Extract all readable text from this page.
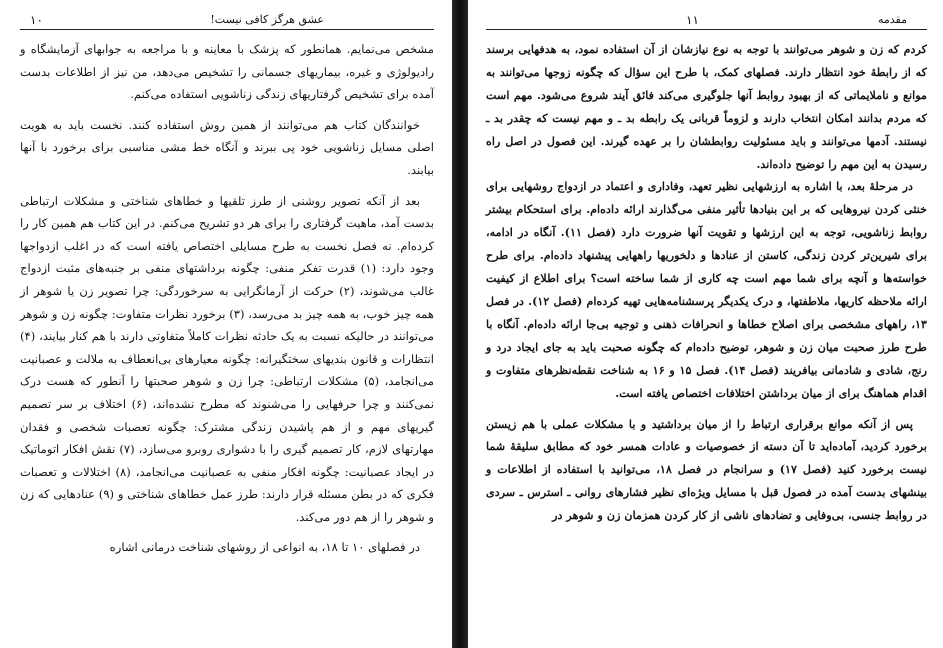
عشق هرگز کافی نیست!
۱۰

مشخص می‌نمایم. همانطور که پزشک با معاینه و با مراجعه به جوابهای آزمایشگاه و رادیولوژی و غیره، بیماریهای جسمانی را تشخیص می‌دهد، من نیز از اطلاعات بدست آمده برای تشخیص گرفتاریهای زندگی زناشویی استفاده می‌کنم.

خوانندگان کتاب هم می‌توانند از همین روش استفاده کنند. نخست باید به هویت اصلی مسایل زناشویی خود پی ببرند و آنگاه خط مشی مناسبی برای برخورد با آنها بیابند.

بعد از آنکه تصویر روشنی از طرز تلقیها و خطاهای شناختی و مشکلات ارتباطی بدست آمد، ماهیت گرفتاری را برای هر دو تشریح می‌کنم. در این کتاب هم همین کار را کرده‌ام. نه فصل نخست به طرح مسایلی اختصاص یافته است که در اغلب ازدواجها وجود دارد: (۱) قدرت تفکر منفی: چگونه برداشتهای منفی بر جنبه‌های مثبت ازدواج غالب می‌شوند، (۲) حرکت از آرمانگرایی به سرخوردگی: چرا تصویر زن یا شوهر از همه چیز خوب، به همه چیز بد می‌رسد، (۳) برخورد نظرات متفاوت: چگونه زن و شوهر می‌توانند در حالیکه نسبت به یک حادثه نظرات کاملاً متفاوتی دارند با هم کنار بیایند، (۴) انتظارات و قانون بندیهای سختگیرانه: چگونه معیارهای بی‌انعطاف به ملالت و عصبانیت می‌انجامد، (۵) مشکلات ارتباطی: چرا زن و شوهر صحبتها را آنطور که هست درک نمی‌کنند و چرا حرفهایی را می‌شنوند که مطرح نشده‌اند، (۶) اختلاف بر سر تصمیم گیریهای مهم و از هم پاشیدن زندگی مشترک: چگونه تعصبات شخصی و فقدان مهارتهای لازم، کار تصمیم گیری را با دشواری روبرو می‌سازد، (۷) نقش افکار اتوماتیک در ایجاد عصبانیت: چگونه افکار منفی به عصبانیت می‌انجامد، (۸) اختلالات و تعصبات فکری که در بطن مسئله قرار دارند: طرز عمل خطاهای شناختی و (۹) عنادهایی که زن و شوهر را از هم دور می‌کند.

در فصلهای ۱۰ تا ۱۸، به انواعی از روشهای شناخت درمانی اشاره

مقدمه
۱۱

کردم که زن و شوهر می‌توانند با توجه به نوع نیازشان از آن استفاده نمود، به هدفهایی برسند که از رابطهٔ خود انتظار دارند. فصلهای کمک، با طرح این سؤال که چگونه زوجها می‌توانند به موانع و ناملایماتی که از بهبود روابط آنها جلوگیری می‌کند فائق آیند شروع می‌شود. مهم است که مردم بدانند امکان انتخاب دارند و لزوماً قربانی یک رابطه بد ـ و مهم نیست که چقدر بد ـ نیستند. آدمها می‌توانند و باید مسئولیت روابطشان را بر عهده گیرند. این فصول در اصل راه رسیدن به این مهم را توضیح داده‌اند.

در مرحلهٔ بعد، با اشاره به ارزشهایی نظیر تعهد، وفاداری و اعتماد در ازدواج روشهایی برای خنثی کردن نیروهایی که بر این بنیادها تأثیر منفی می‌گذارند ارائه داده‌ام. برای استحکام بیشتر روابط زناشویی، توجه به این ارزشها و تقویت آنها ضرورت دارد (فصل ۱۱). آنگاه در ادامه، برای شیرین‌تر کردن زندگی، کاستن از عنادها و دلخوریها راههایی پیشنهاد داده‌ام. برای طرح خواسته‌ها و آنچه برای شما مهم است چه کاری از شما ساخته است؟ برای اطلاع از کیفیت ارائه ملاحظه کاریها، ملاطفتها، و درک یکدیگر پرسشنامه‌هایی تهیه کرده‌ام (فصل ۱۲). در فصل ۱۳، راههای مشخصی برای اصلاح خطاها و انحرافات ذهنی و توجیه بی‌جا ارائه داده‌ام. آنگاه با طرح طرز صحبت میان زن و شوهر، توضیح داده‌ام که چگونه صحبت باید به جای ایجاد درد و رنج، شادی و شادمانی بیافریند (فصل ۱۴). فصل ۱۵ و ۱۶ به شناخت نقطه‌نظرهای متفاوت و اقدام هماهنگ برای از میان برداشتن اختلافات اختصاص یافته است.

پس از آنکه موانع برقراری ارتباط را از میان برداشتید و با مشکلات عملی با هم زیستن برخورد کردید، آماده‌اید تا آن دسته از خصوصیات و عادات همسر خود که مطابق سلیقهٔ شما نیست برخورد کنید (فصل ۱۷) و سرانجام در فصل ۱۸، می‌توانید با استفاده از اطلاعات و بینشهای بدست آمده در فصول قبل با مسایل ویژه‌ای نظیر فشارهای روانی ـ استرس ـ سردی در روابط جنسی، بی‌وفایی و تضادهای ناشی از کار کردن همزمان زن و شوهر در
